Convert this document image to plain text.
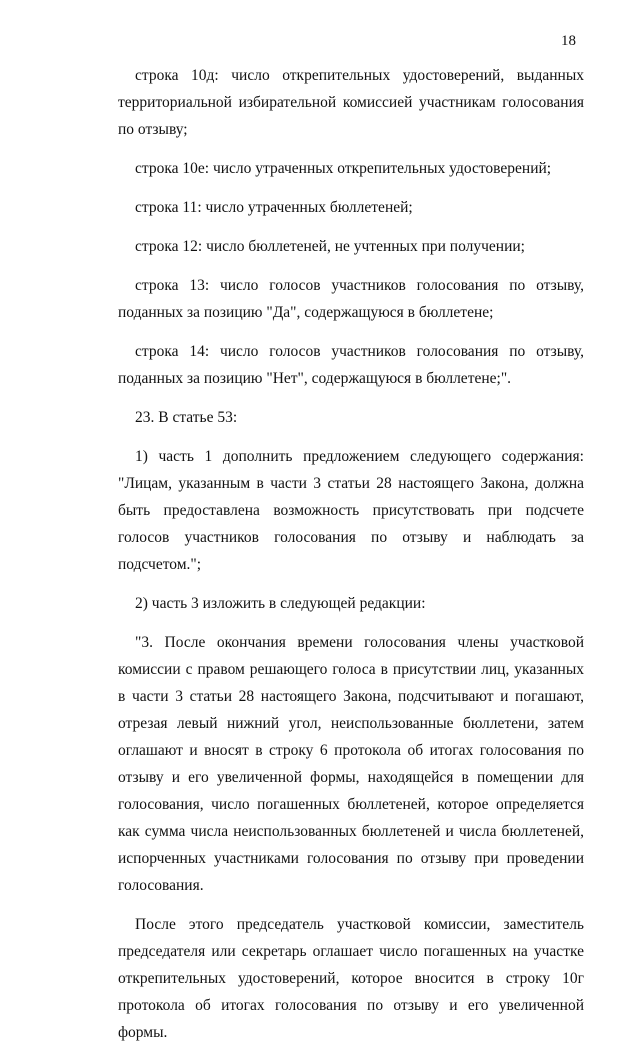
18

строка 10д: число открепительных удостоверений, выданных территориальной избирательной комиссией участникам голосования по отзыву;

строка 10е: число утраченных открепительных удостоверений;

строка 11: число утраченных бюллетеней;

строка 12: число бюллетеней, не учтенных при получении;

строка 13: число голосов участников голосования по отзыву, поданных за позицию "Да", содержащуюся в бюллетене;

строка 14: число голосов участников голосования по отзыву, поданных за позицию "Нет", содержащуюся в бюллетене;".

23. В статье 53:

1) часть 1 дополнить предложением следующего содержания: "Лицам, указанным в части 3 статьи 28 настоящего Закона, должна быть предоставлена возможность присутствовать при подсчете голосов участников голосования по отзыву и наблюдать за подсчетом.";

2) часть 3 изложить в следующей редакции:

"3. После окончания времени голосования члены участковой комиссии с правом решающего голоса в присутствии лиц, указанных в части 3 статьи 28 настоящего Закона, подсчитывают и погашают, отрезая левый нижний угол, неиспользованные бюллетени, затем оглашают и вносят в строку 6 протокола об итогах голосования по отзыву и его увеличенной формы, находящейся в помещении для голосования, число погашенных бюллетеней, которое определяется как сумма числа неиспользованных бюллетеней и числа бюллетеней, испорченных участниками голосования по отзыву при проведении голосования.

После этого председатель участковой комиссии, заместитель председателя или секретарь оглашает число погашенных на участке открепительных удостоверений, которое вносится в строку 10г протокола об итогах голосования по отзыву и его увеличенной формы.
